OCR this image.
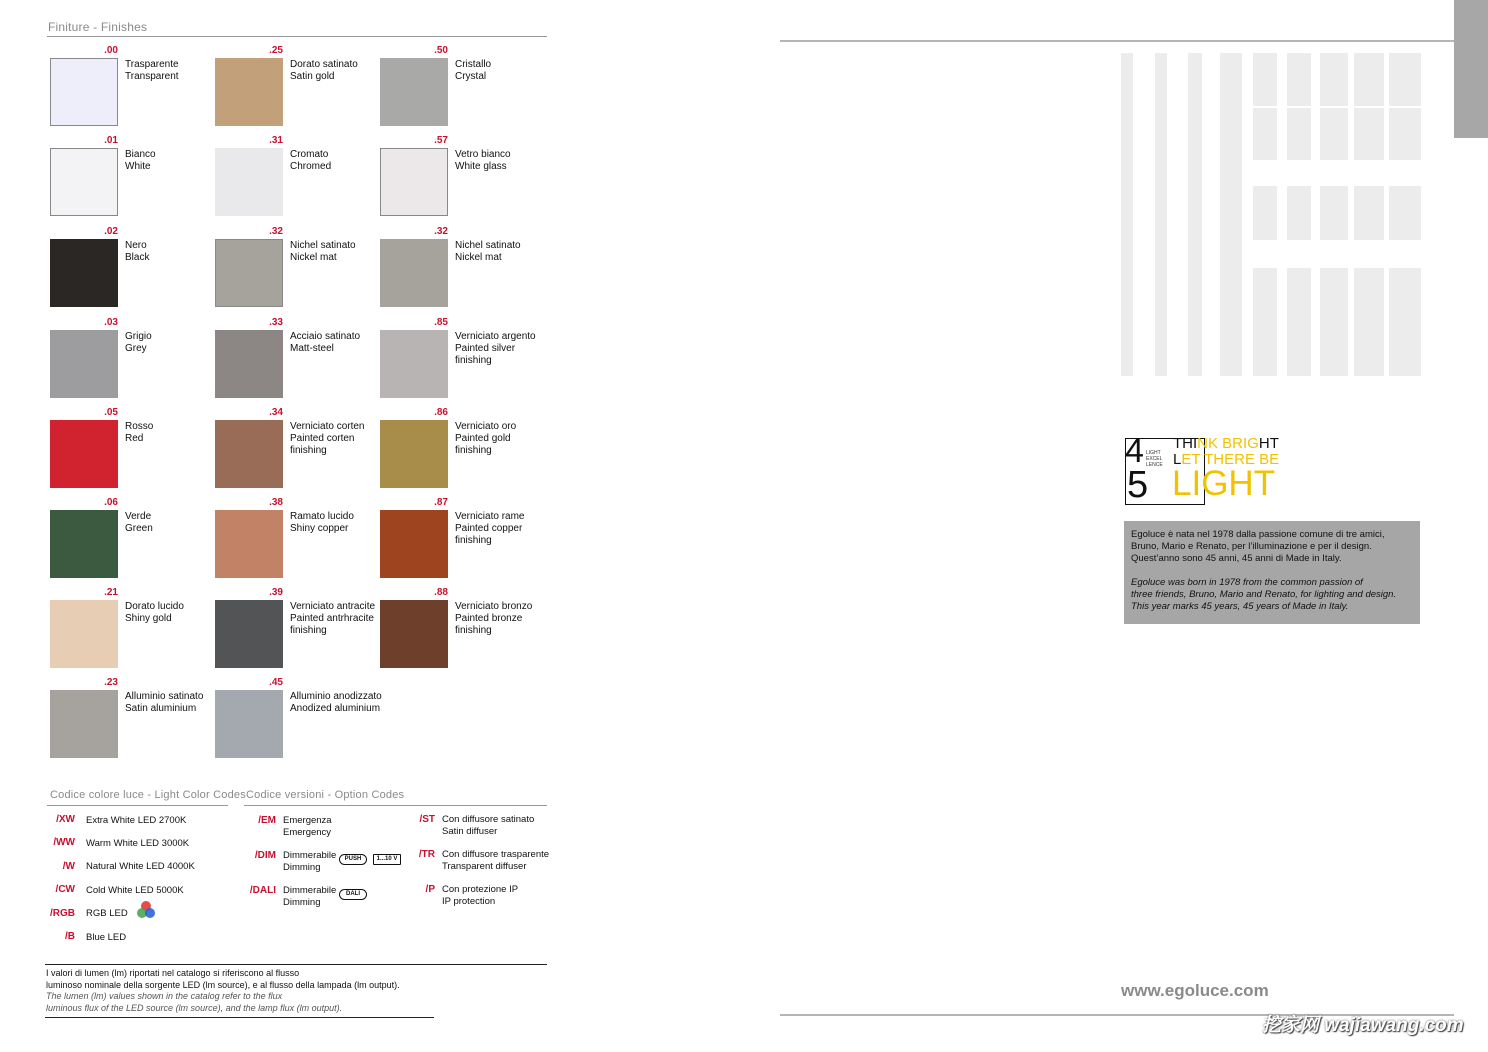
Finiture - Finishes
.00
Trasparente
Transparent
.01
Bianco
White
.02
Nero
Black
.03
Grigio
Grey
.05
Rosso
Red
.06
Verde
Green
.21
Dorato lucido
Shiny gold
.23
Alluminio satinato
Satin aluminium
.25
Dorato satinato
Satin gold
.31
Cromato
Chromed
.32
Nichel satinato
Nickel mat
.33
Acciaio satinato
Matt-steel
.34
Verniciato corten
Painted corten
finishing
.38
Ramato lucido
Shiny copper
.39
Verniciato antracite
Painted antrhracite
finishing
.45
Alluminio anodizzato
Anodized aluminium
.50
Cristallo
Crystal
.57
Vetro bianco
White glass
.32
Nichel satinato
Nickel mat
.85
Verniciato argento
Painted silver
finishing
.86
Verniciato oro
Painted gold
finishing
.87
Verniciato rame
Painted copper
finishing
.88
Verniciato bronzo
Painted bronze
finishing
Codice colore luce - Light Color Codes
/XW Extra White LED 2700K
/WW Warm White LED 3000K
/W Natural White LED 4000K
/CW Cold White LED 5000K
/RGB RGB LED
/B Blue LED
Codice versioni - Option Codes
/EM Emergenza
Emergency
/DIM Dimmerabile
Dimming
PUSH	1...10 V
/DALI Dimmerabile
Dimming
DALI
/ST Con diffusore satinato
Satin diffuser
/TR Con diffusore trasparente
Transparent diffuser
/P Con protezione IP
IP protection
I valori di lumen (lm) riportati nel catalogo si riferiscono al flusso
luminoso nominale della sorgente LED (lm source), e al flusso della lampada (lm output).
The lumen (lm) values shown in the catalog refer to the flux
luminous flux of the LED source (lm source), and the lamp flux (lm output).
4
5
LIGHT
EXCEL
LENCE
THINK BRIGHT
LET THERE BE
LIGHT
Egoluce è nata nel 1978 dalla passione comune di tre amici,
Bruno, Mario e Renato, per l’illuminazione e per il design.
Quest’anno sono 45 anni, 45 anni di Made in Italy.
Egoluce was born in 1978 from the common passion of
three friends, Bruno, Mario and Renato, for lighting and design.
This year marks 45 years, 45 years of Made in Italy.
www.egoluce.com
挖家网 wajiawang.com
